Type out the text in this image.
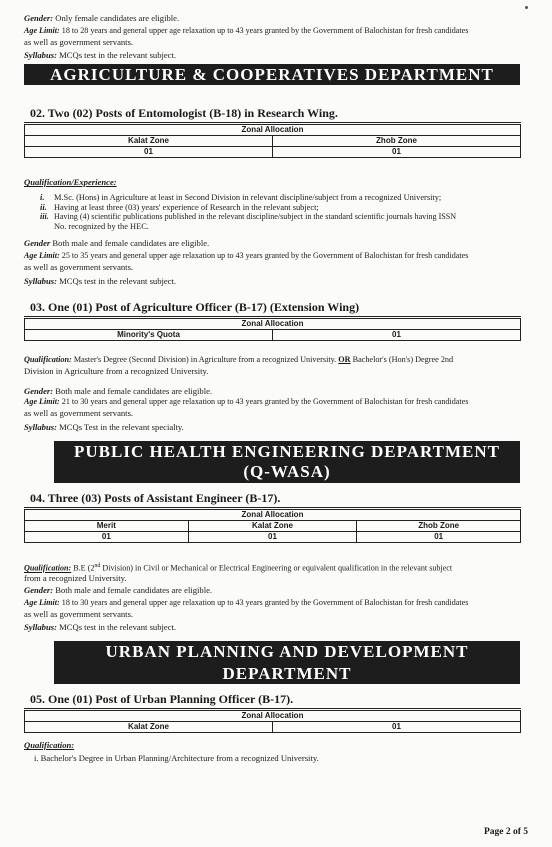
Gender: Only female candidates are eligible.
Age Limit: 18 to 28 years and general upper age relaxation up to 43 years granted by the Government of Balochistan for fresh candidates
as well as government servants.
Syllabus: MCQs test in the relevant subject.
AGRICULTURE & COOPERATIVES DEPARTMENT
02. Two (02) Posts of Entomologist (B-18) in Research Wing.
Zonal Allocation	
Kalat Zone	Zhob Zone
01	01
Qualification/Experience:
i. M.Sc. (Hons) in Agriculture at least in Second Division in relevant discipline/subject from a recognized University;
ii. Having at least three (03) years' experience of Research in the relevant subject;
iii. Having (4) scientific publications published in the relevant discipline/subject in the standard scientific journals having ISSN
No. recognized by the HEC.
Gender Both male and female candidates are eligible.
Age Limit: 25 to 35 years and general upper age relaxation up to 43 years granted by the Government of Balochistan for fresh candidates
as well as government servants.
Syllabus: MCQs test in the relevant subject.
03. One (01) Post of Agriculture Officer (B-17) (Extension Wing)
Zonal Allocation
Minority's Quota	01
Qualification: Master's Degree (Second Division) in Agriculture from a recognized University. OR Bachelor's (Hon's) Degree 2nd
Division in Agriculture from a recognized University.
Gender: Both male and female candidates are eligible.
Age Limit: 21 to 30 years and general upper age relaxation up to 43 years granted by the Government of Balochistan for fresh candidates
as well as government servants.
Syllabus: MCQs Test in the relevant specialty.
PUBLIC HEALTH ENGINEERING DEPARTMENT
(Q-WASA)
04. Three (03) Posts of Assistant Engineer (B-17).
Zonal Allocation		
Merit	Kalat Zone	Zhob Zone
01	01	01
Qualification: B.E (2nd Division) in Civil or Mechanical or Electrical Engineering or equivalent qualification in the relevant subject
from a recognized University.
Gender: Both male and female candidates are eligible.
Age Limit: 18 to 30 years and general upper age relaxation up to 43 years granted by the Government of Balochistan for fresh candidates
as well as government servants.
Syllabus: MCQs test in the relevant subject.
URBAN PLANNING AND DEVELOPMENT
DEPARTMENT
05. One (01) Post of Urban Planning Officer (B-17).
Zonal Allocation
Kalat Zone	01
Qualification:
i. Bachelor's Degree in Urban Planning/Architecture from a recognized University.
Page 2 of 5
